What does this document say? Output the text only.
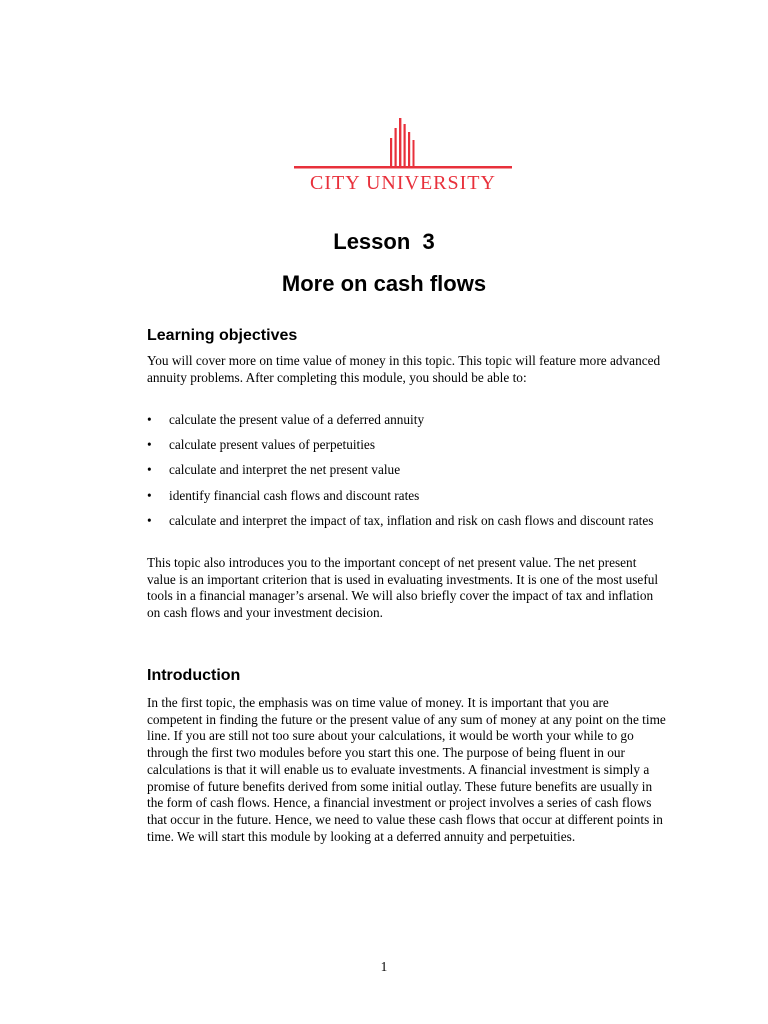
CITY UNIVERSITY
Lesson  3
More on cash flows
Learning objectives

You will cover more on time value of money in this topic. This topic will feature more advanced annuity problems. After completing this module, you should be able to:

• calculate the present value of a deferred annuity
• calculate present values of perpetuities
• calculate and interpret the net present value
• identify financial cash flows and discount rates
• calculate and interpret the impact of tax, inflation and risk on cash flows and discount rates

This topic also introduces you to the important concept of net present value. The net present value is an important criterion that is used in evaluating investments. It is one of the most useful tools in a financial manager’s arsenal. We will also briefly cover the impact of tax and inflation on cash flows and your investment decision.

Introduction

In the first topic, the emphasis was on time value of money. It is important that you are competent in finding the future or the present value of any sum of money at any point on the time line. If you are still not too sure about your calculations, it would be worth your while to go through the first two modules before you start this one. The purpose of being fluent in our calculations is that it will enable us to evaluate investments. A financial investment is simply a promise of future benefits derived from some initial outlay. These future benefits are usually in the form of cash flows. Hence, a financial investment or project involves a series of cash flows that occur in the future. Hence, we need to value these cash flows that occur at different points in time. We will start this module by looking at a deferred annuity and perpetuities.

1
